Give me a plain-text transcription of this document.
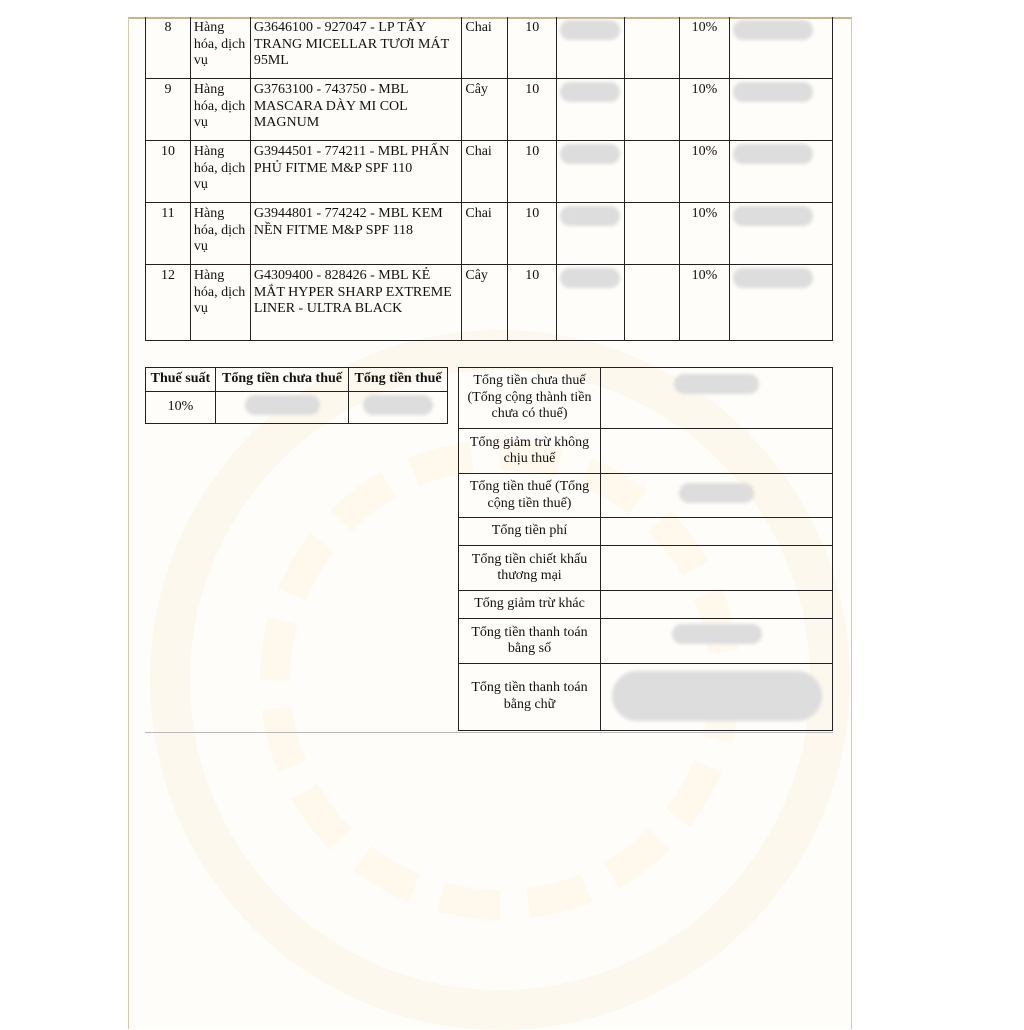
8	Hàng hóa, dịch vụ	G3646100 - 927047 - LP TẨY TRANG MICELLAR TƯƠI MÁT 95ML	Chai	10			10%	
9	Hàng hóa, dịch vụ	G3763100 - 743750 - MBL MASCARA DÀY MI COL MAGNUM	Cây	10			10%	
10	Hàng hóa, dịch vụ	G3944501 - 774211 - MBL PHẤN PHỦ FITME M&P SPF 110	Chai	10			10%	
11	Hàng hóa, dịch vụ	G3944801 - 774242 - MBL KEM NỀN FITME M&P SPF 118	Chai	10			10%	
12	Hàng hóa, dịch vụ	G4309400 - 828426 - MBL KẺ MẮT HYPER SHARP EXTREME LINER - ULTRA BLACK	Cây	10			10%	
Thuế suất	Tổng tiền chưa thuế	Tổng tiền thuế
10%		
Tổng tiền chưa thuế (Tổng cộng thành tiền chưa có thuế)	
Tổng giảm trừ không chịu thuế	
Tổng tiền thuế (Tổng cộng tiền thuế)	
Tổng tiền phí	
Tổng tiền chiết khấu thương mại	
Tổng giảm trừ khác	
Tổng tiền thanh toán bằng số	
Tổng tiền thanh toán bằng chữ	
